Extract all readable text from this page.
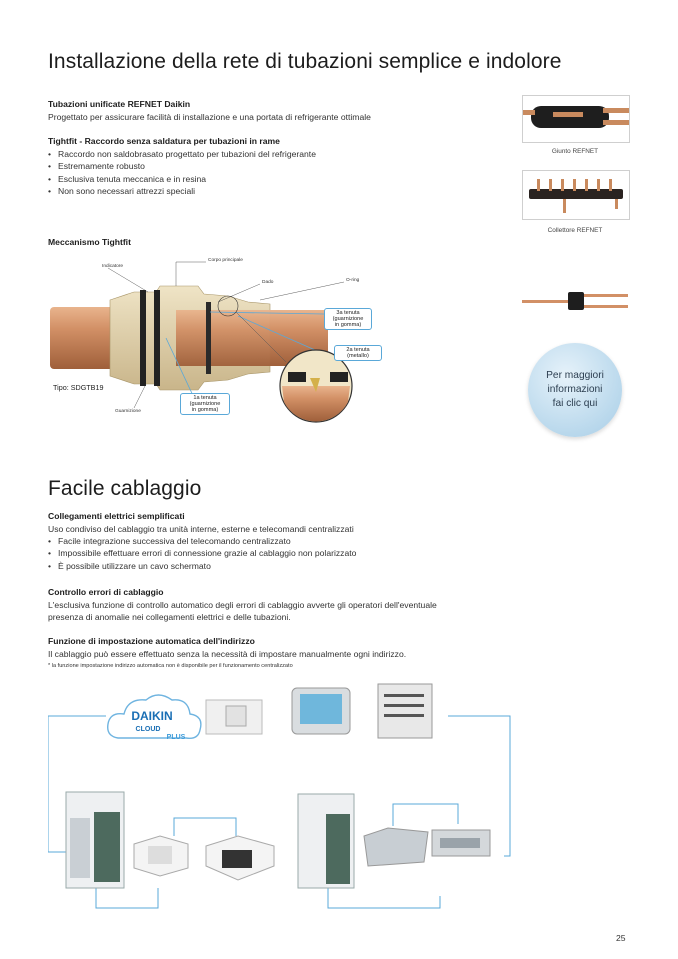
Installazione della rete di tubazioni semplice e indolore
Tubazioni unificate REFNET Daikin
Progettato per assicurare facilità di installazione e una portata di refrigerante ottimale
Tightfit - Raccordo senza saldatura per tubazioni in rame
• Raccordo non saldobrasato progettato per tubazioni del refrigerante
• Estremamente robusto
• Esclusiva tenuta meccanica e in resina
• Non sono necessari attrezzi speciali
Meccanismo Tightfit
Indicatore
Corpo principale
Dado	O-ring
Guarnizione
3a tenuta
(guarnizione
in gomma)
2a tenuta
(metallo)
1a tenuta
(guarnizione
in gomma)
Tipo: SDGTB19
Giunto REFNET
Collettore REFNET
Per maggiori
informazioni
fai clic qui
Facile cablaggio
Collegamenti elettrici semplificati
Uso condiviso del cablaggio tra unità interne, esterne e telecomandi centralizzati
• Facile integrazione successiva del telecomando centralizzato
• Impossibile effettuare errori di connessione grazie al cablaggio non polarizzato
• È possibile utilizzare un cavo schermato
Controllo errori di cablaggio
L'esclusiva funzione di controllo automatico degli errori di cablaggio avverte gli operatori dell'eventuale
presenza di anomalie nei collegamenti elettrici e delle tubazioni.
Funzione di impostazione automatica dell'indirizzo
Il cablaggio può essere effettuato senza la necessità di impostare manualmente ogni indirizzo.
* la funzione impostazione indirizzo automatica non è disponibile per il funzionamento centralizzato
DAIKIN
CLOUD
PLUS
25
